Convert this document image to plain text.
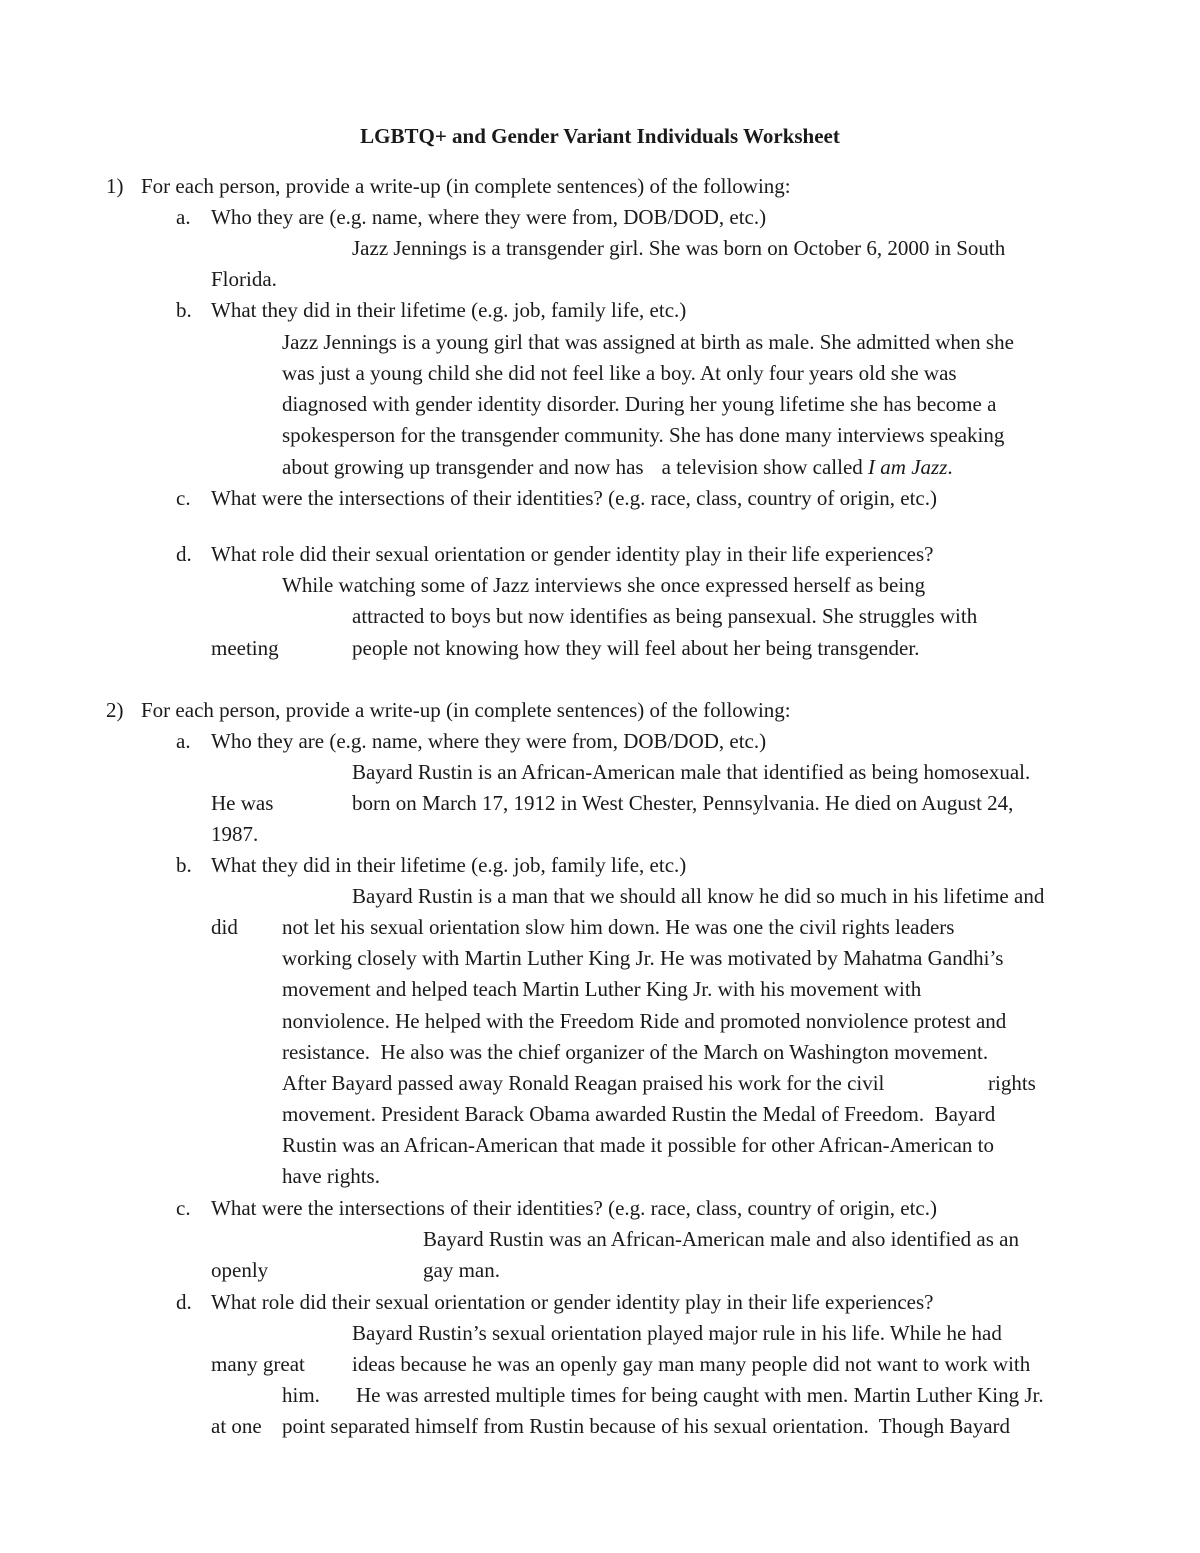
LGBTQ+ and Gender Variant Individuals Worksheet
1) For each person, provide a write-up (in complete sentences) of the following:
a. Who they are (e.g. name, where they were from, DOB/DOD, etc.)
Jazz Jennings is a transgender girl. She was born on October 6, 2000 in South
Florida.
b. What they did in their lifetime (e.g. job, family life, etc.)
Jazz Jennings is a young girl that was assigned at birth as male. She admitted when she
was just a young child she did not feel like a boy. At only four years old she was
diagnosed with gender identity disorder. During her young lifetime she has become a
spokesperson for the transgender community. She has done many interviews speaking
about growing up transgender and now has a television show called I am Jazz.
c. What were the intersections of their identities? (e.g. race, class, country of origin, etc.)
d. What role did their sexual orientation or gender identity play in their life experiences?
While watching some of Jazz interviews she once expressed herself as being
attracted to boys but now identifies as being pansexual. She struggles with
meeting	people not knowing how they will feel about her being transgender.
2) For each person, provide a write-up (in complete sentences) of the following:
a. Who they are (e.g. name, where they were from, DOB/DOD, etc.)
Bayard Rustin is an African-American male that identified as being homosexual.
He was	born on March 17, 1912 in West Chester, Pennsylvania. He died on August 24,
1987.
b. What they did in their lifetime (e.g. job, family life, etc.)
Bayard Rustin is a man that we should all know he did so much in his lifetime and
did not let his sexual orientation slow him down. He was one the civil rights leaders
working closely with Martin Luther King Jr. He was motivated by Mahatma Gandhi’s
movement and helped teach Martin Luther King Jr. with his movement with
nonviolence. He helped with the Freedom Ride and promoted nonviolence protest and
resistance.  He also was the chief organizer of the March on Washington movement.
After Bayard passed away Ronald Reagan praised his work for the civil	rights
movement. President Barack Obama awarded Rustin the Medal of Freedom.  Bayard
Rustin was an African-American that made it possible for other African-American to
have rights.
c. What were the intersections of their identities? (e.g. race, class, country of origin, etc.)
Bayard Rustin was an African-American male and also identified as an
openly	gay man.
d. What role did their sexual orientation or gender identity play in their life experiences?
Bayard Rustin’s sexual orientation played major rule in his life. While he had
many great ideas because he was an openly gay man many people did not want to work with
him. He was arrested multiple times for being caught with men. Martin Luther King Jr.
at one point separated himself from Rustin because of his sexual orientation.  Though Bayard
